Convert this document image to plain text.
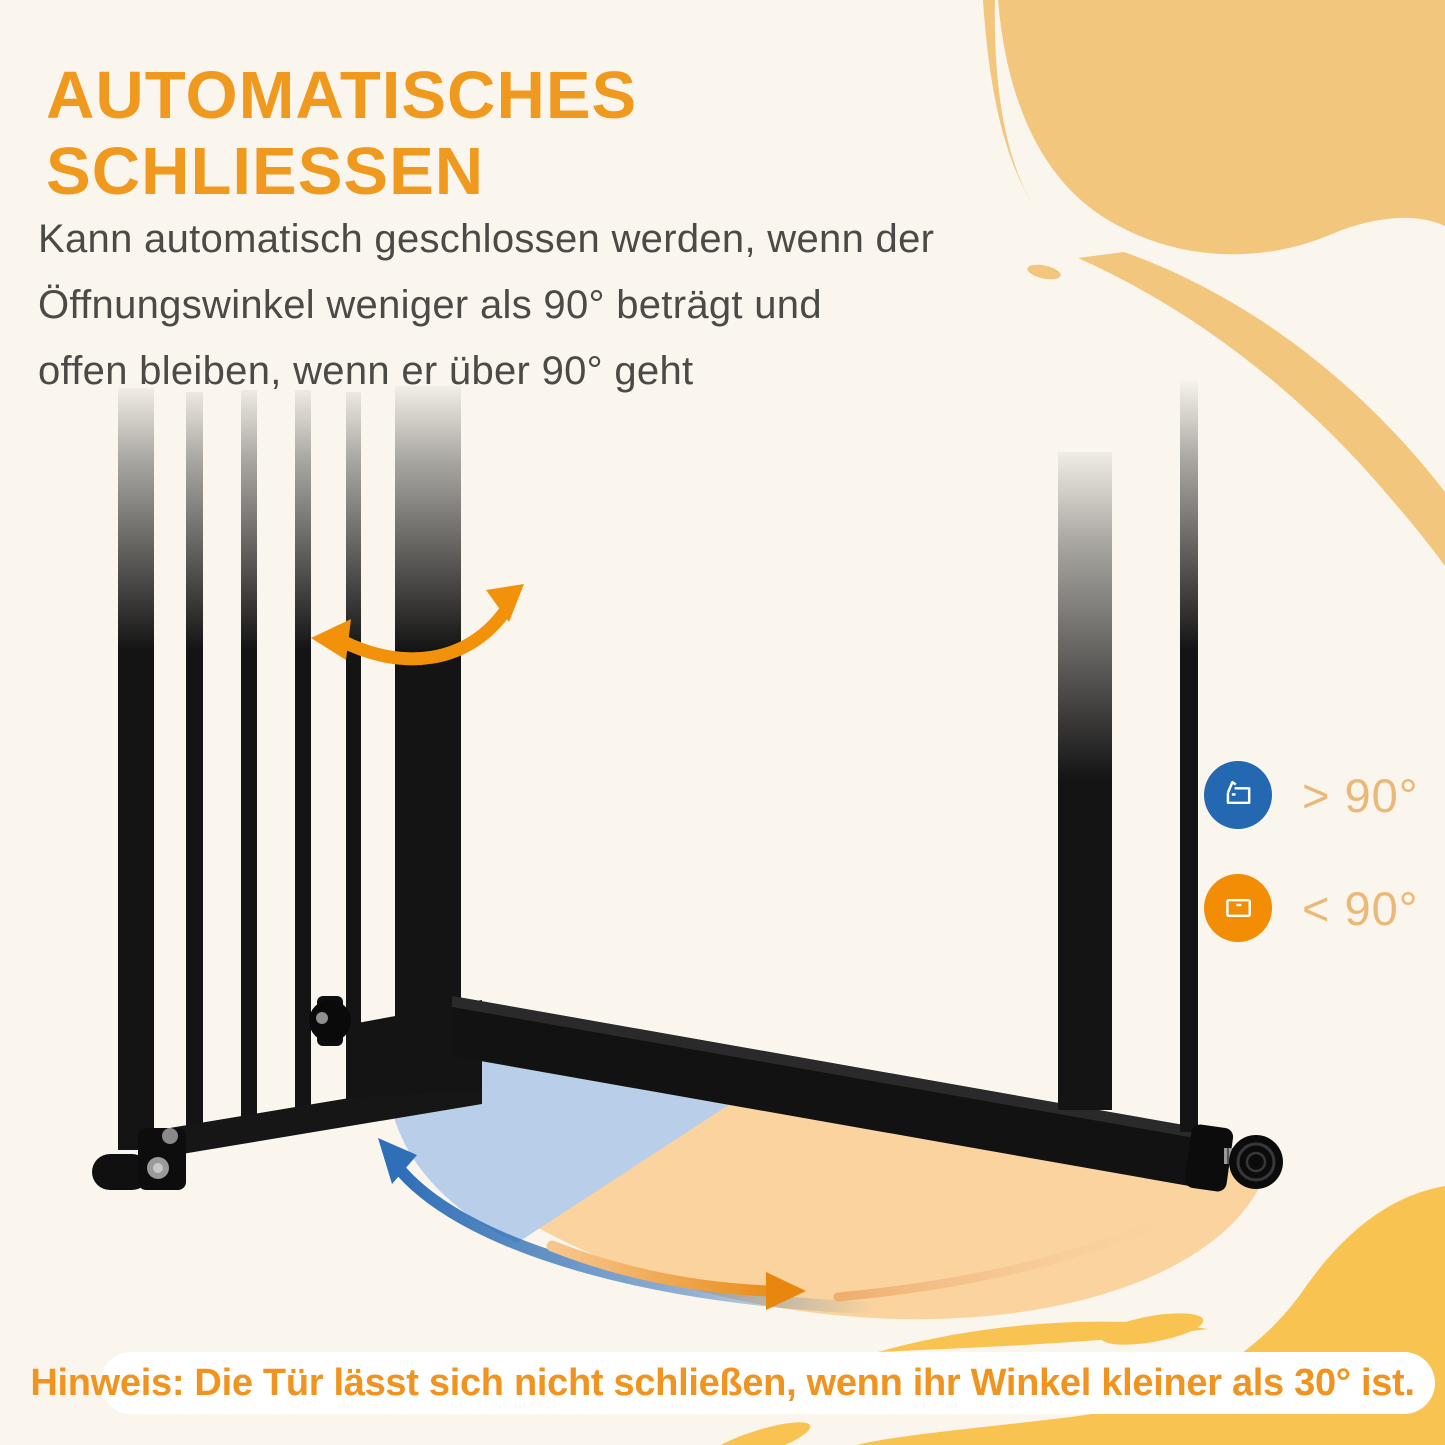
AUTOMATISCHES
SCHLIESSEN
Kann automatisch geschlossen werden, wenn der
Öffnungswinkel weniger als 90° beträgt und
offen bleiben, wenn er über 90° geht
> 90°
< 90°
Hinweis: Die Tür lässt sich nicht schließen, wenn ihr Winkel kleiner als 30° ist.
